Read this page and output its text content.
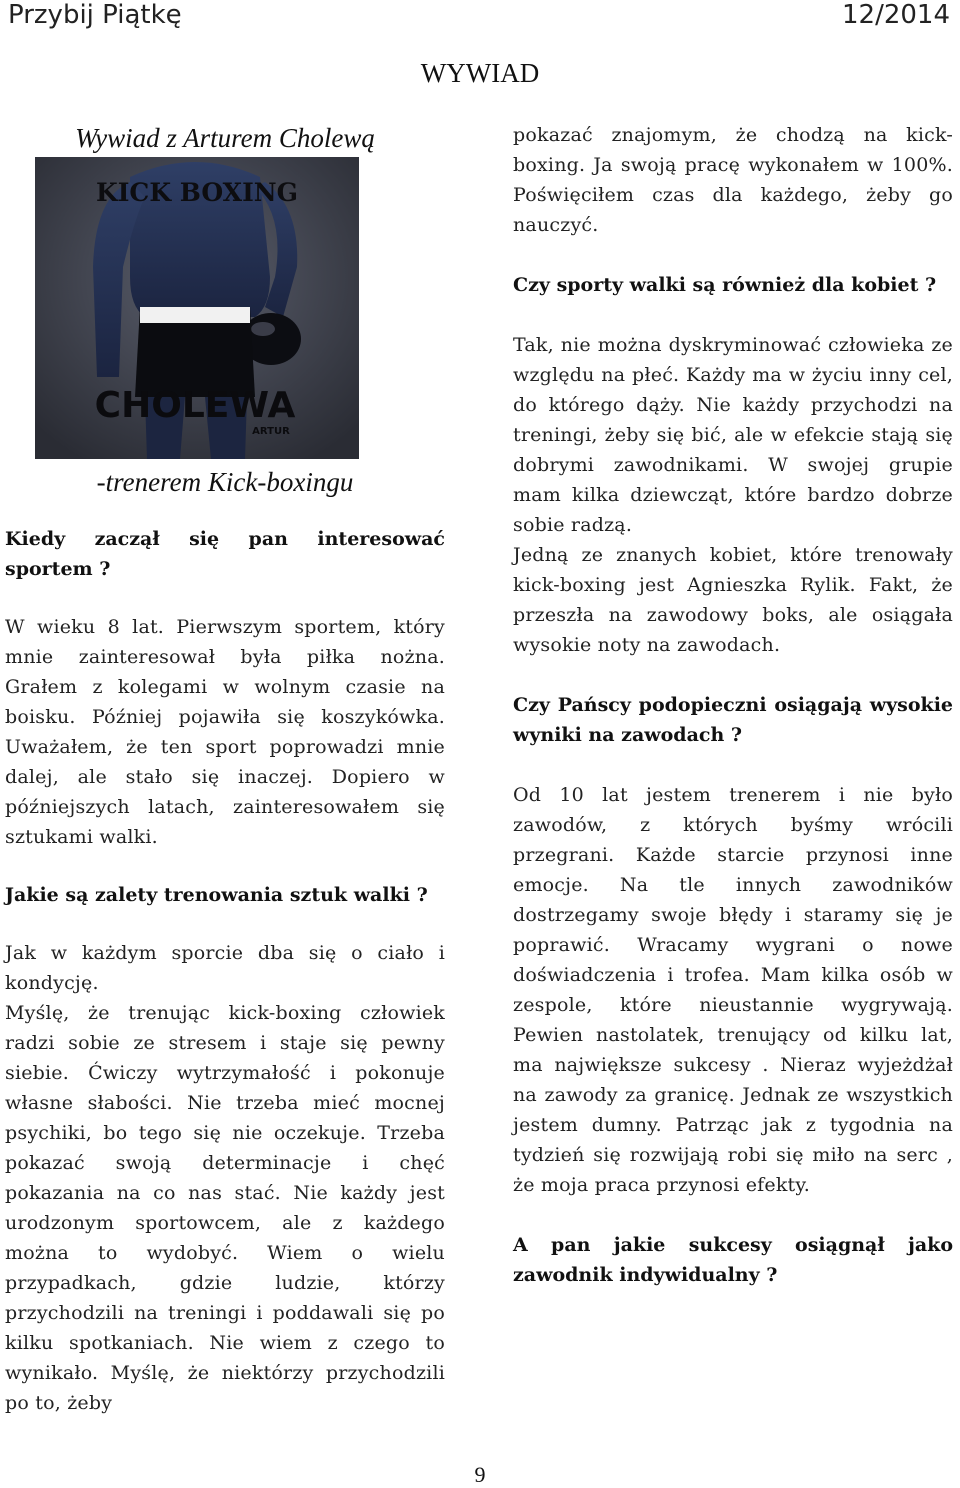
Przybij Piątkę	12/2014
WYWIAD
Wywiad z Arturem Cholewą
KICK BOXING
CHOLEWA
ARTUR
-trenerem Kick-boxingu

Kiedy zaczął się pan interesować sportem ?

W wieku 8 lat. Pierwszym sportem, który mnie zainteresował była piłka nożna. Grałem z kolegami w wolnym czasie na boisku. Później pojawiła się koszykówka. Uważałem, że ten sport poprowadzi mnie dalej, ale stało się inaczej. Dopiero w późniejszych latach, zainteresowałem się sztukami walki.

Jakie są zalety trenowania sztuk walki ?

Jak w każdym sporcie dba się o ciało i kondycję.

Myślę, że trenując kick-boxing człowiek radzi sobie ze stresem i staje się pewny siebie. Ćwiczy wytrzymałość i pokonuje własne słabości. Nie trzeba mieć mocnej psychiki, bo tego się nie oczekuje. Trzeba pokazać swoją determinacje i chęć pokazania na co nas stać. Nie każdy jest urodzonym sportowcem, ale z każdego można to wydobyć. Wiem o wielu przypadkach, gdzie ludzie, którzy przychodzili na treningi i poddawali się po kilku spotkaniach. Nie wiem z czego to wynikało. Myślę, że niektórzy przychodzili po to, żeby

pokazać znajomym, że chodzą na kick-boxing. Ja swoją pracę wykonałem w 100%. Poświęciłem czas dla każdego, żeby go nauczyć.

Czy sporty walki są również dla kobiet ?

Tak, nie można dyskryminować człowieka ze względu na płeć. Każdy ma w życiu inny cel, do którego dąży. Nie każdy przychodzi na treningi, żeby się bić, ale w efekcie stają się dobrymi zawodnikami. W swojej grupie mam kilka dziewcząt, które bardzo dobrze sobie radzą.

Jedną ze znanych kobiet, które trenowały kick-boxing jest Agnieszka Rylik. Fakt, że przeszła na zawodowy boks, ale osiągała wysokie noty na zawodach.

Czy Pańscy podopieczni osiągają wysokie wyniki na zawodach ?

Od 10 lat jestem trenerem i nie było zawodów, z których byśmy wrócili przegrani. Każde starcie przynosi inne emocje. Na tle innych zawodników dostrzegamy swoje błędy i staramy się je poprawić. Wracamy wygrani o nowe doświadczenia i trofea. Mam kilka osób w zespole, które nieustannie wygrywają. Pewien nastolatek, trenujący od kilku lat, ma największe sukcesy . Nieraz wyjeżdżał na zawody za granicę. Jednak ze wszystkich jestem dumny. Patrząc jak z tygodnia na tydzień się rozwijają robi się miło na serc , że moja praca przynosi efekty.

A pan jakie sukcesy osiągnął jako zawodnik indywidualny ?

9
